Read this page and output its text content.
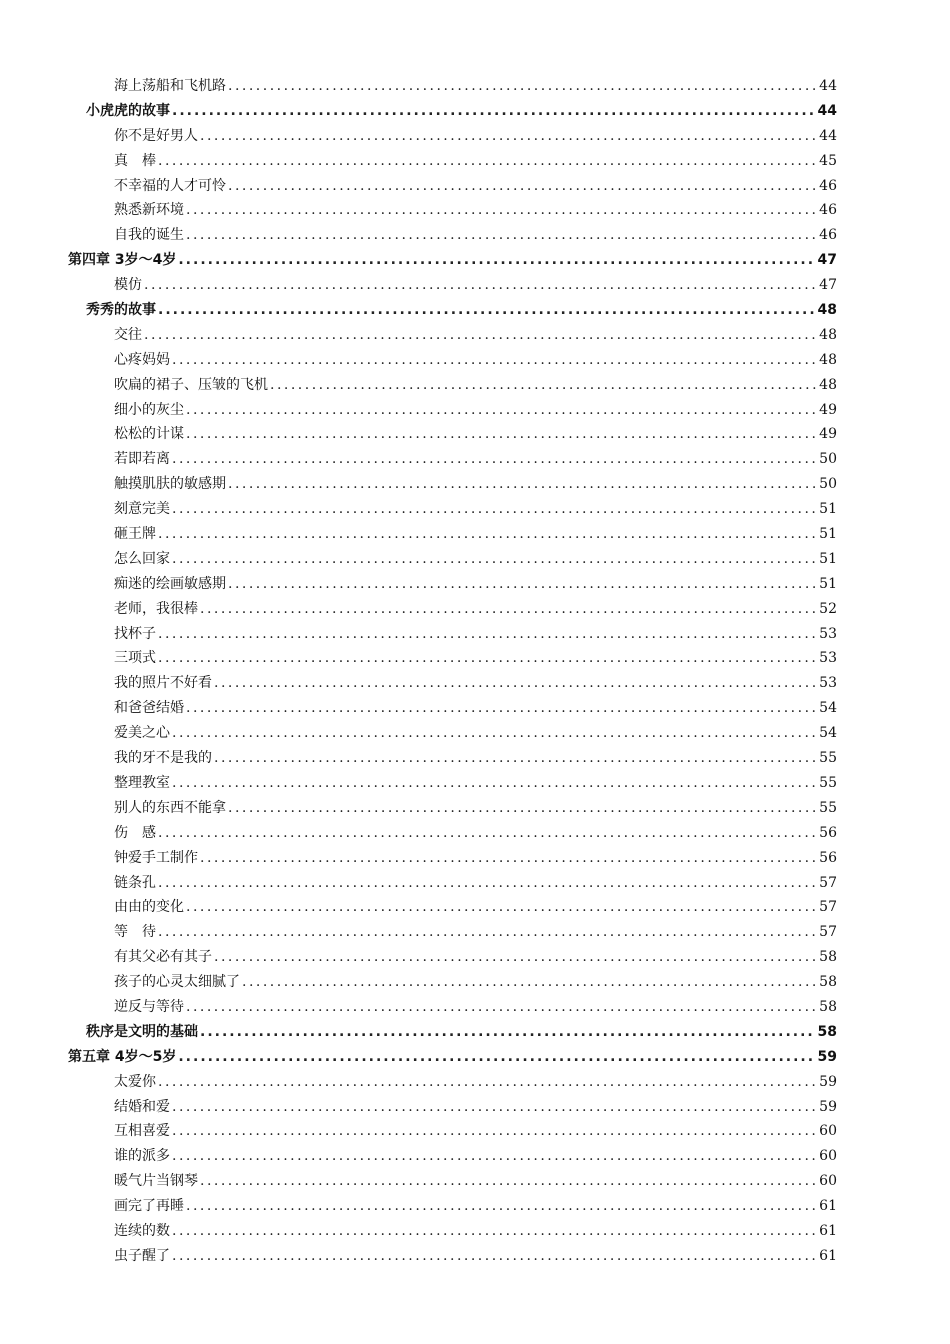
海上荡船和飞机路 .....	44
小虎虎的故事 .....	44
你不是好男人 .....	44
真　棒 .....	45
不幸福的人才可怜 .....	46
熟悉新环境 .....	46
自我的诞生 .....	46
第四章 3岁～4岁 .....	47
模仿 .....	47
秀秀的故事 .....	48
交往 .....	48
心疼妈妈 .....	48
吹扁的裙子、压皱的飞机 .....	48
细小的灰尘 .....	49
松松的计谋 .....	49
若即若离 .....	50
触摸肌肤的敏感期 .....	50
刻意完美 .....	51
砸王牌 .....	51
怎么回家 .....	51
痴迷的绘画敏感期 .....	51
老师，我很棒 .....	52
找杯子 .....	53
三项式 .....	53
我的照片不好看 .....	53
和爸爸结婚 .....	54
爱美之心 .....	54
我的牙不是我的 .....	55
整理教室 .....	55
别人的东西不能拿 .....	55
伤　感 .....	56
钟爱手工制作 .....	56
链条孔 .....	57
由由的变化 .....	57
等　待 .....	57
有其父必有其子 .....	58
孩子的心灵太细腻了 .....	58
逆反与等待 .....	58
秩序是文明的基础 .....	58
第五章 4岁～5岁 .....	59
太爱你 .....	59
结婚和爱 .....	59
互相喜爱 .....	60
谁的派多 .....	60
暖气片当钢琴 .....	60
画完了再睡 .....	61
连续的数 .....	61
虫子醒了 .....	61
